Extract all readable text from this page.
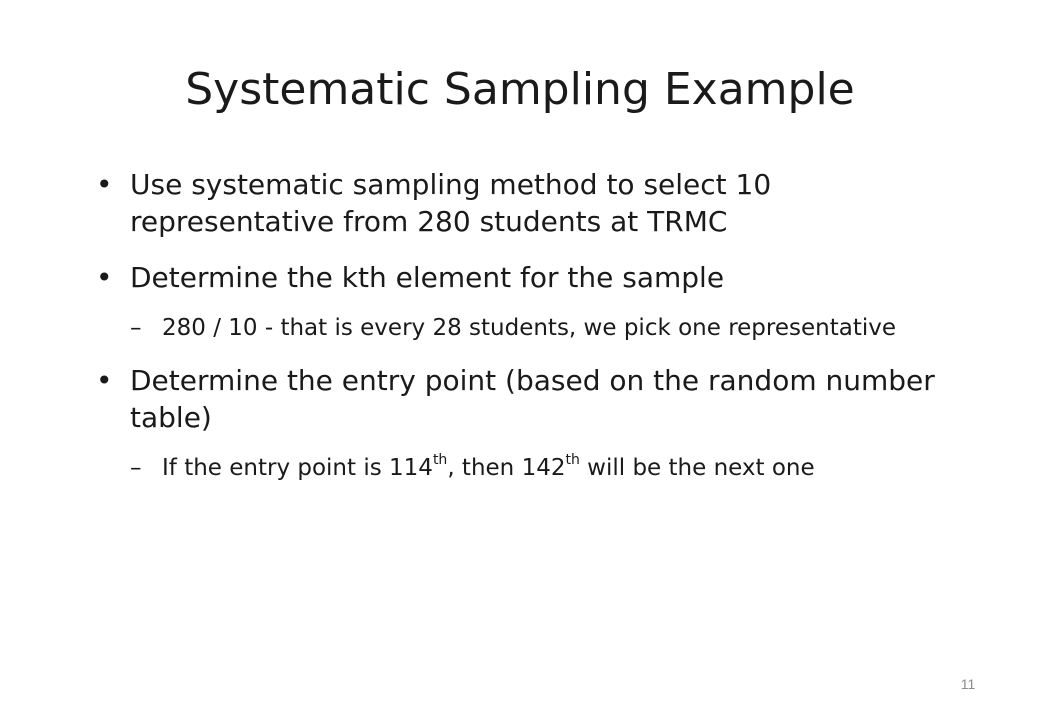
Systematic Sampling Example
• Use systematic sampling method to select 10 representative from 280 students at TRMC
• Determine the kth element for the sample
– 280 / 10 - that is every 28 students, we pick one representative
• Determine the entry point (based on the random number table)
– If the entry point is 114th, then 142th will be the next one
11
